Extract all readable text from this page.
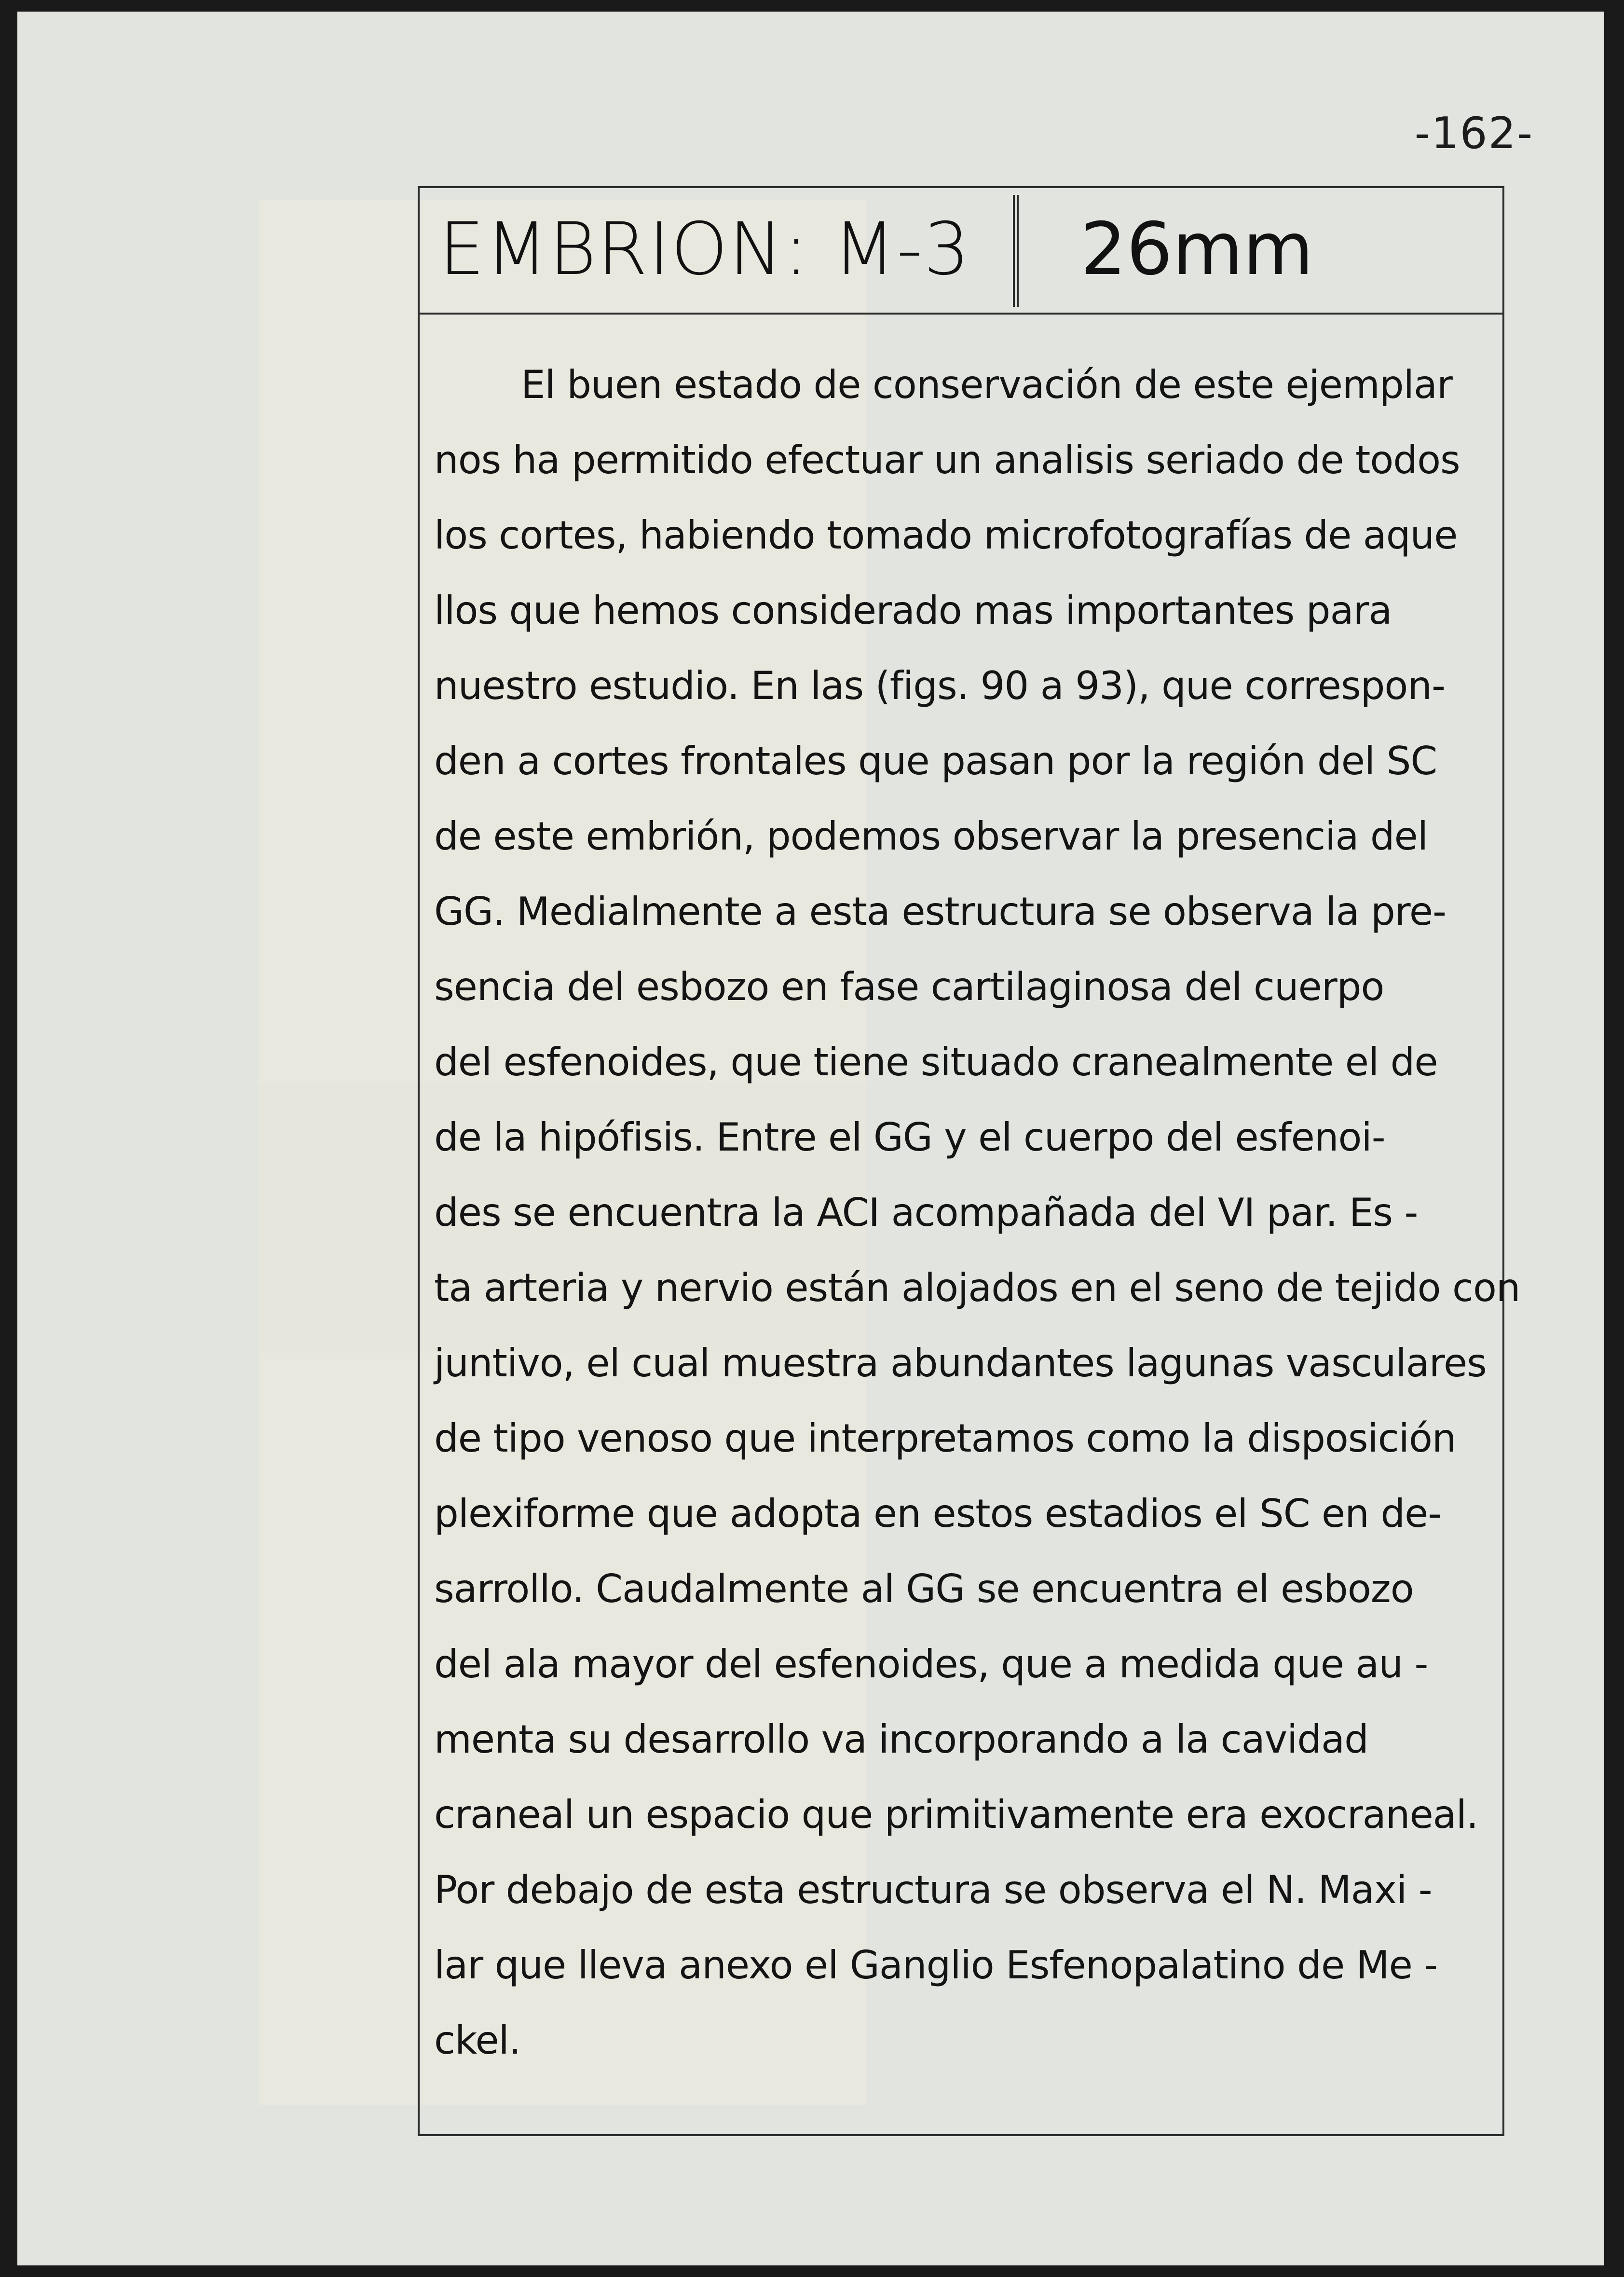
-162-
EMBRION: M-3 26mm
El buen estado de conservación de este ejemplar
nos ha permitido efectuar un analisis seriado de todos
los cortes, habiendo tomado microfotografías de aque
llos que hemos considerado mas importantes para
nuestro estudio. En las (figs. 90 a 93), que correspon-
den a cortes frontales que pasan por la región del SC
de este embrión, podemos observar la presencia del
GG. Medialmente a esta estructura se observa la pre-
sencia del esbozo en fase cartilaginosa del cuerpo
del esfenoides, que tiene situado cranealmente el de
de la hipófisis. Entre el GG y el cuerpo del esfenoi-
des se encuentra la ACI acompañada del VI par. Es -
ta arteria y nervio están alojados en el seno de tejido con
juntivo, el cual muestra abundantes lagunas vasculares
de tipo venoso que interpretamos como la disposición
plexiforme que adopta en estos estadios el SC en de-
sarrollo. Caudalmente al GG se encuentra el esbozo
del ala mayor del esfenoides, que a medida que au -
menta su desarrollo va incorporando a la cavidad
craneal un espacio que primitivamente era exocraneal.
Por debajo de esta estructura se observa el N. Maxi -
lar que lleva anexo el Ganglio Esfenopalatino de Me -
ckel.
